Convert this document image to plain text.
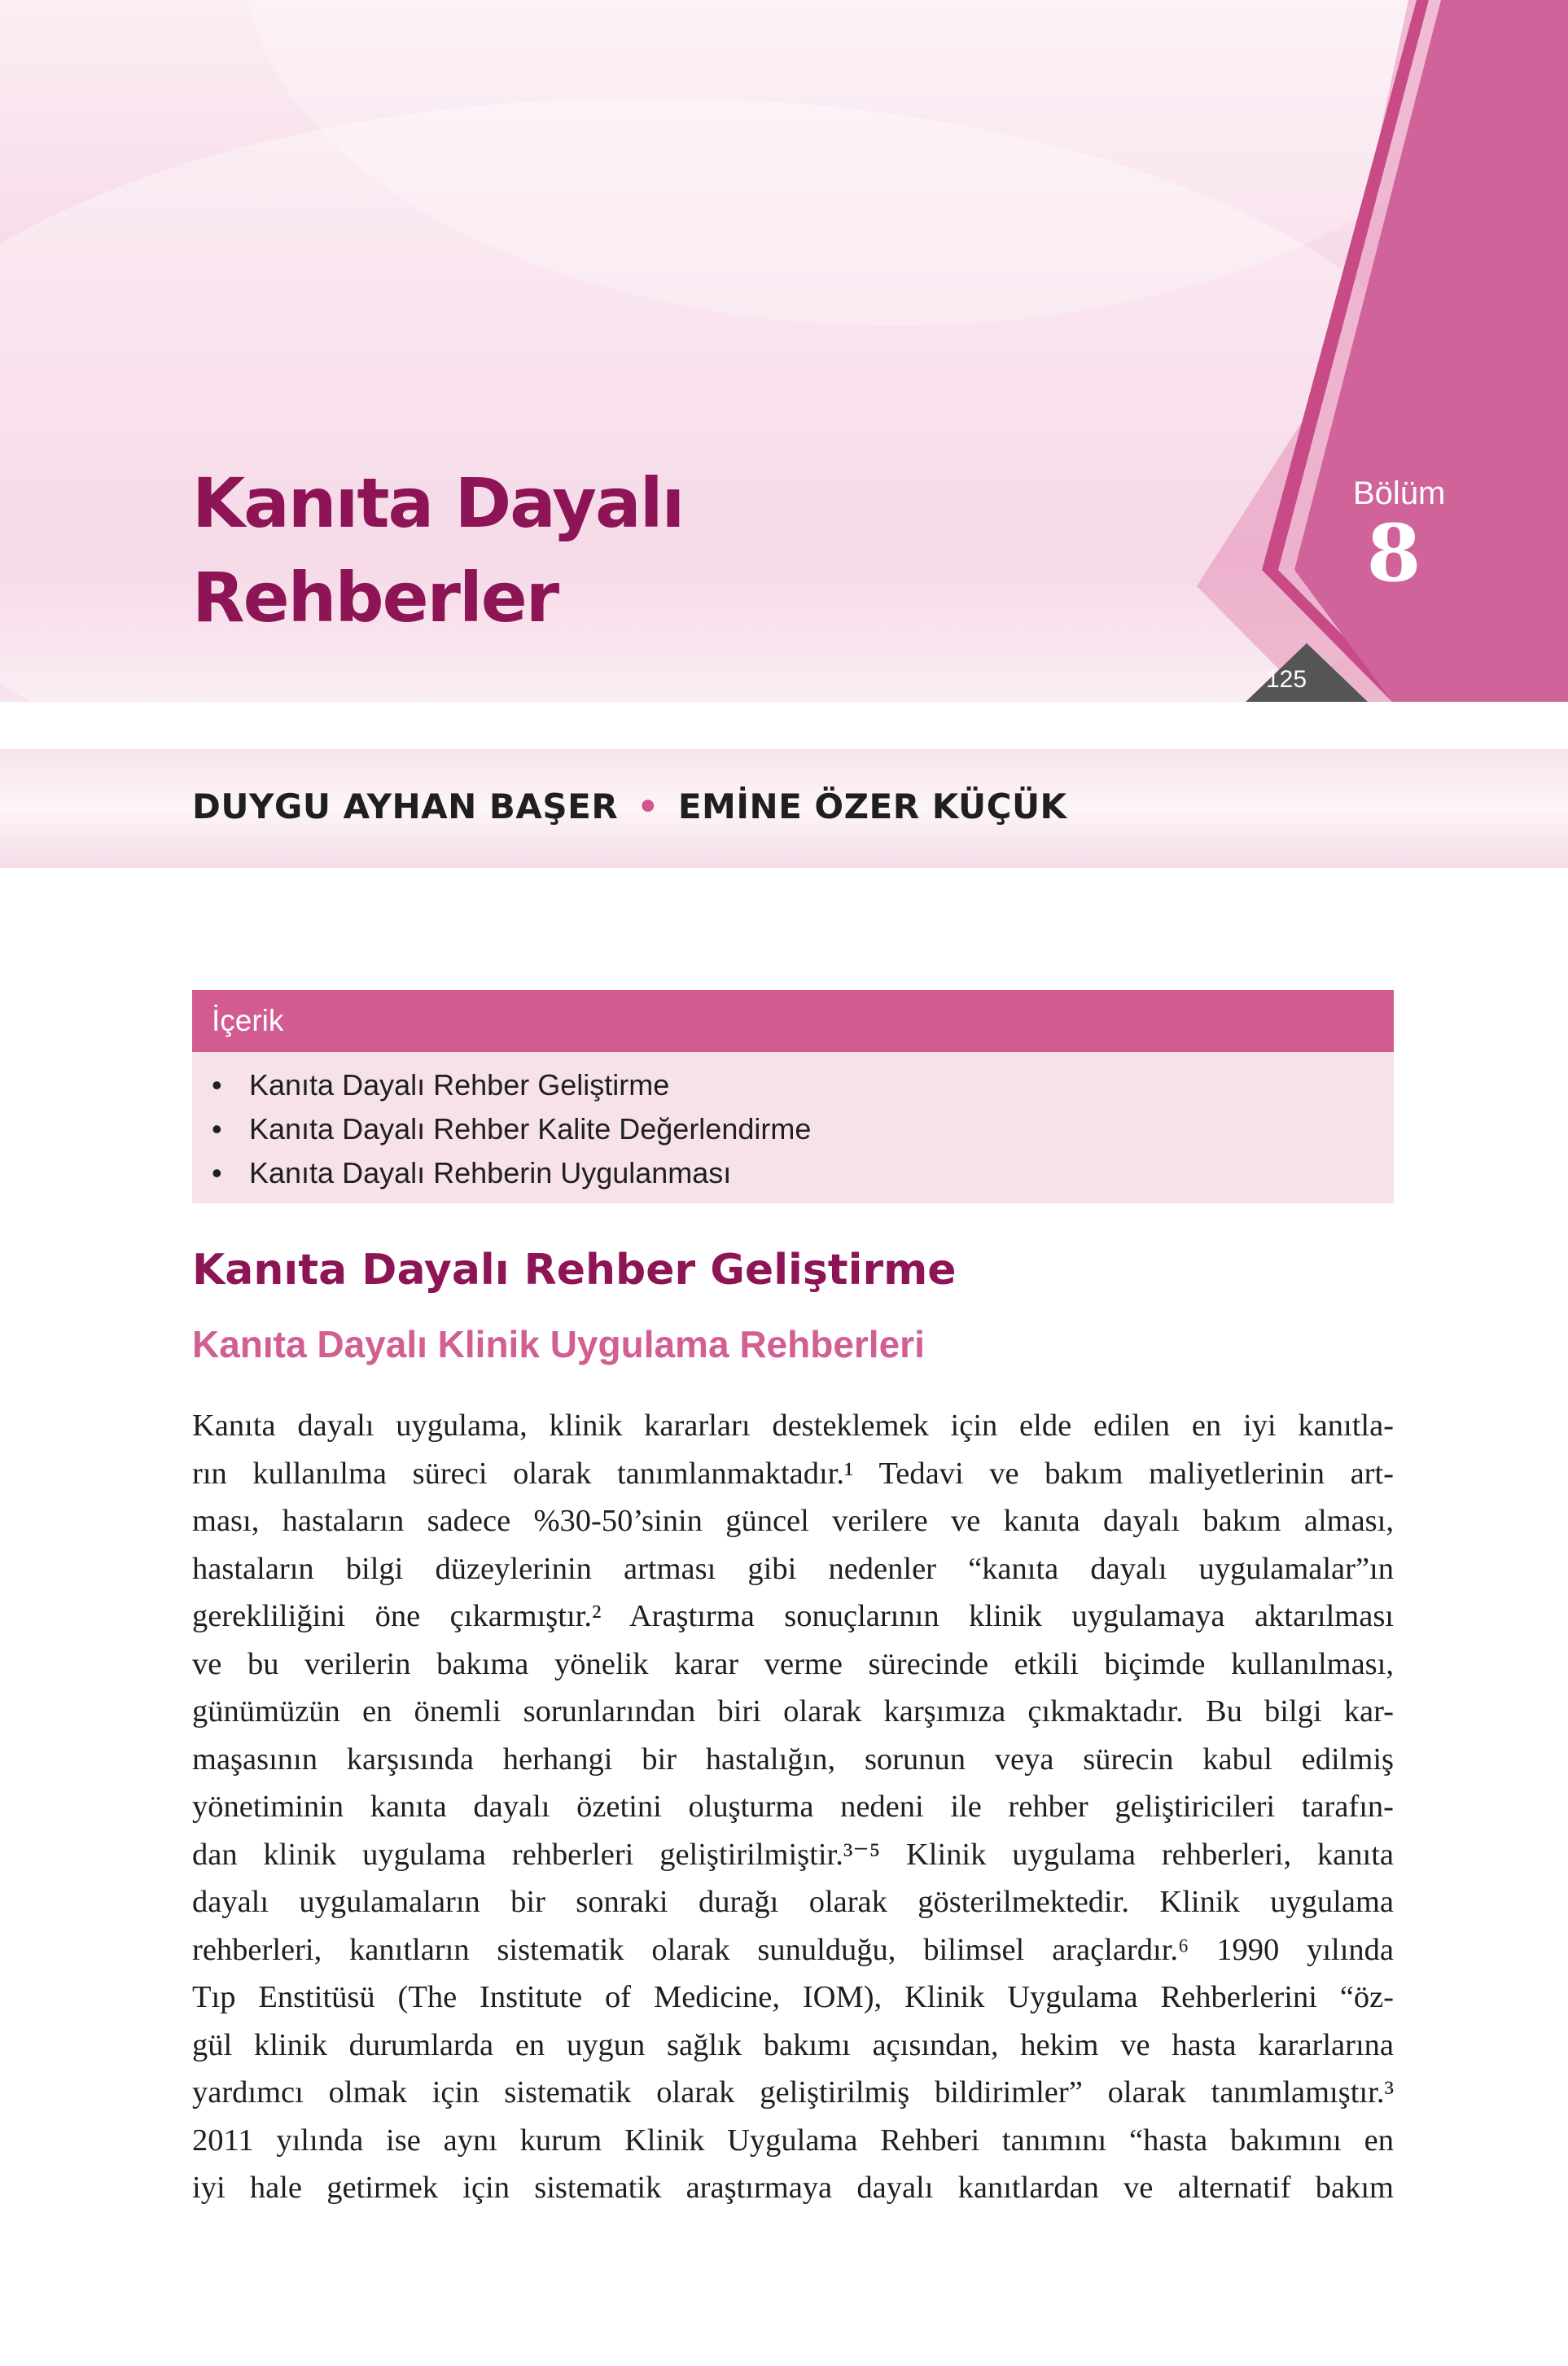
Bölüm
8
125
Kanıta Dayalı
Rehberler
DUYGU AYHAN BAŞER • EMİNE ÖZER KÜÇÜK
İçerik
• Kanıta Dayalı Rehber Geliştirme
• Kanıta Dayalı Rehber Kalite Değerlendirme
• Kanıta Dayalı Rehberin Uygulanması
Kanıta Dayalı Rehber Geliştirme
Kanıta Dayalı Klinik Uygulama Rehberleri
Kanıta dayalı uygulama, klinik kararları desteklemek için elde edilen en iyi kanıtla-
rın kullanılma süreci olarak tanımlanmaktadır.¹ Tedavi ve bakım maliyetlerinin art-
ması, hastaların sadece %30-50’sinin güncel verilere ve kanıta dayalı bakım alması,
hastaların bilgi düzeylerinin artması gibi nedenler “kanıta dayalı uygulamalar”ın
gerekliliğini öne çıkarmıştır.² Araştırma sonuçlarının klinik uygulamaya aktarılması
ve bu verilerin bakıma yönelik karar verme sürecinde etkili biçimde kullanılması,
günümüzün en önemli sorunlarından biri olarak karşımıza çıkmaktadır. Bu bilgi kar-
maşasının karşısında herhangi bir hastalığın, sorunun veya sürecin kabul edilmiş
yönetiminin kanıta dayalı özetini oluşturma nedeni ile rehber geliştiricileri tarafın-
dan klinik uygulama rehberleri geliştirilmiştir.³⁻⁵ Klinik uygulama rehberleri, kanıta
dayalı uygulamaların bir sonraki durağı olarak gösterilmektedir. Klinik uygulama
rehberleri, kanıtların sistematik olarak sunulduğu, bilimsel araçlardır.⁶ 1990 yılında
Tıp Enstitüsü (The Institute of Medicine, IOM), Klinik Uygulama Rehberlerini “öz-
gül klinik durumlarda en uygun sağlık bakımı açısından, hekim ve hasta kararlarına
yardımcı olmak için sistematik olarak geliştirilmiş bildirimler” olarak tanımlamıştır.³
2011 yılında ise aynı kurum Klinik Uygulama Rehberi tanımını “hasta bakımını en
iyi hale getirmek için sistematik araştırmaya dayalı kanıtlardan ve alternatif bakım
